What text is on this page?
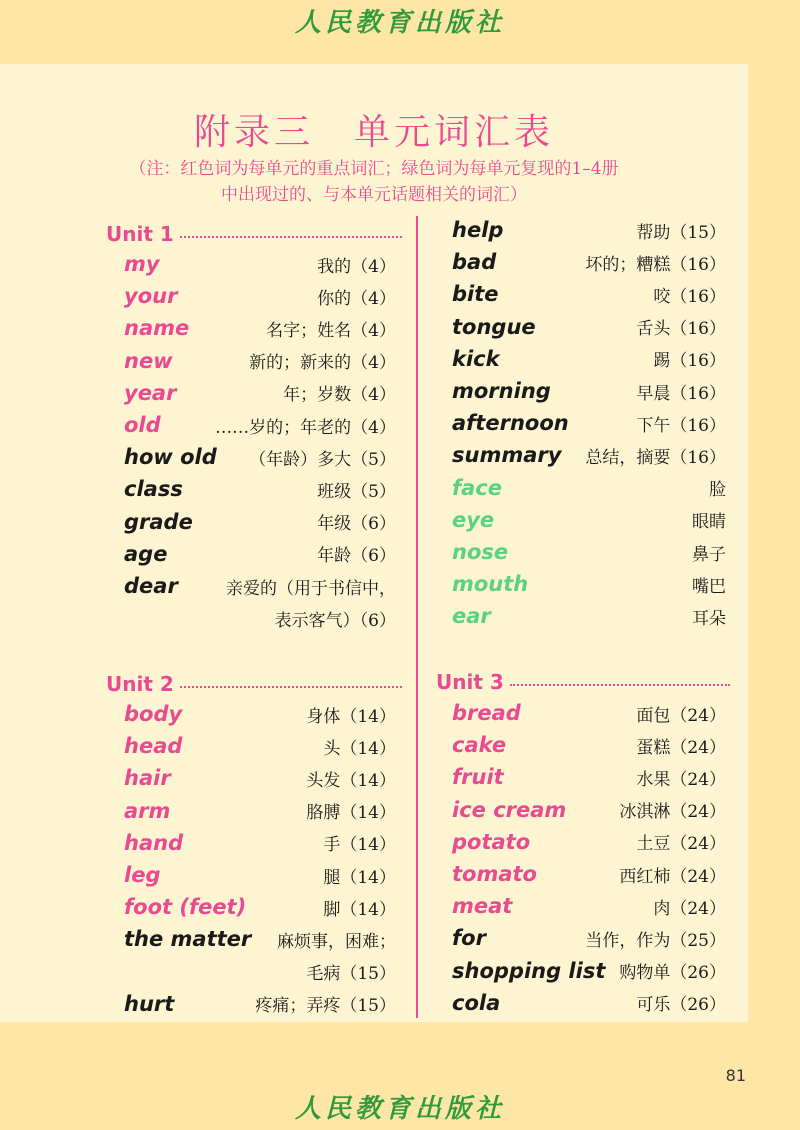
人民教育出版社
附录三　单元词汇表
（注：红色词为每单元的重点词汇；绿色词为每单元复现的1–4册
中出现过的、与本单元话题相关的词汇）
Unit 1
Unit 2	Unit 3
my	我的（4）
your	你的（4）
name	名字；姓名（4）
new	新的；新来的（4）
year	年；岁数（4）
old	……岁的；年老的（4）
how old （年龄）多大（5）
class	班级（5）
grade	年级（6）
age	年龄（6）
dear	亲爱的（用于书信中，
表示客气）（6）
help	帮助（15）
bad	坏的；糟糕（16）
bite	咬（16）
tongue	舌头（16）
kick	踢（16）
morning	早晨（16）
afternoon	下午（16）
summary 总结，摘要（16）
face	脸
eye	眼睛
nose	鼻子
mouth	嘴巴
ear	耳朵
body	身体（14）
head	头（14）
hair	头发（14）
arm	胳膊（14）
hand	手（14）
leg	腿（14）
foot (feet)	脚（14）
the matter 麻烦事，困难；
毛病（15）
hurt	疼痛；弄疼（15）
bread	面包（24）
cake	蛋糕（24）
fruit	水果（24）
ice cream	冰淇淋（24）
potato	土豆（24）
tomato	西红柿（24）
meat	肉（24）
for	当作，作为（25）
shopping list 购物单（26）
cola	可乐（26）
81
人民教育出版社
